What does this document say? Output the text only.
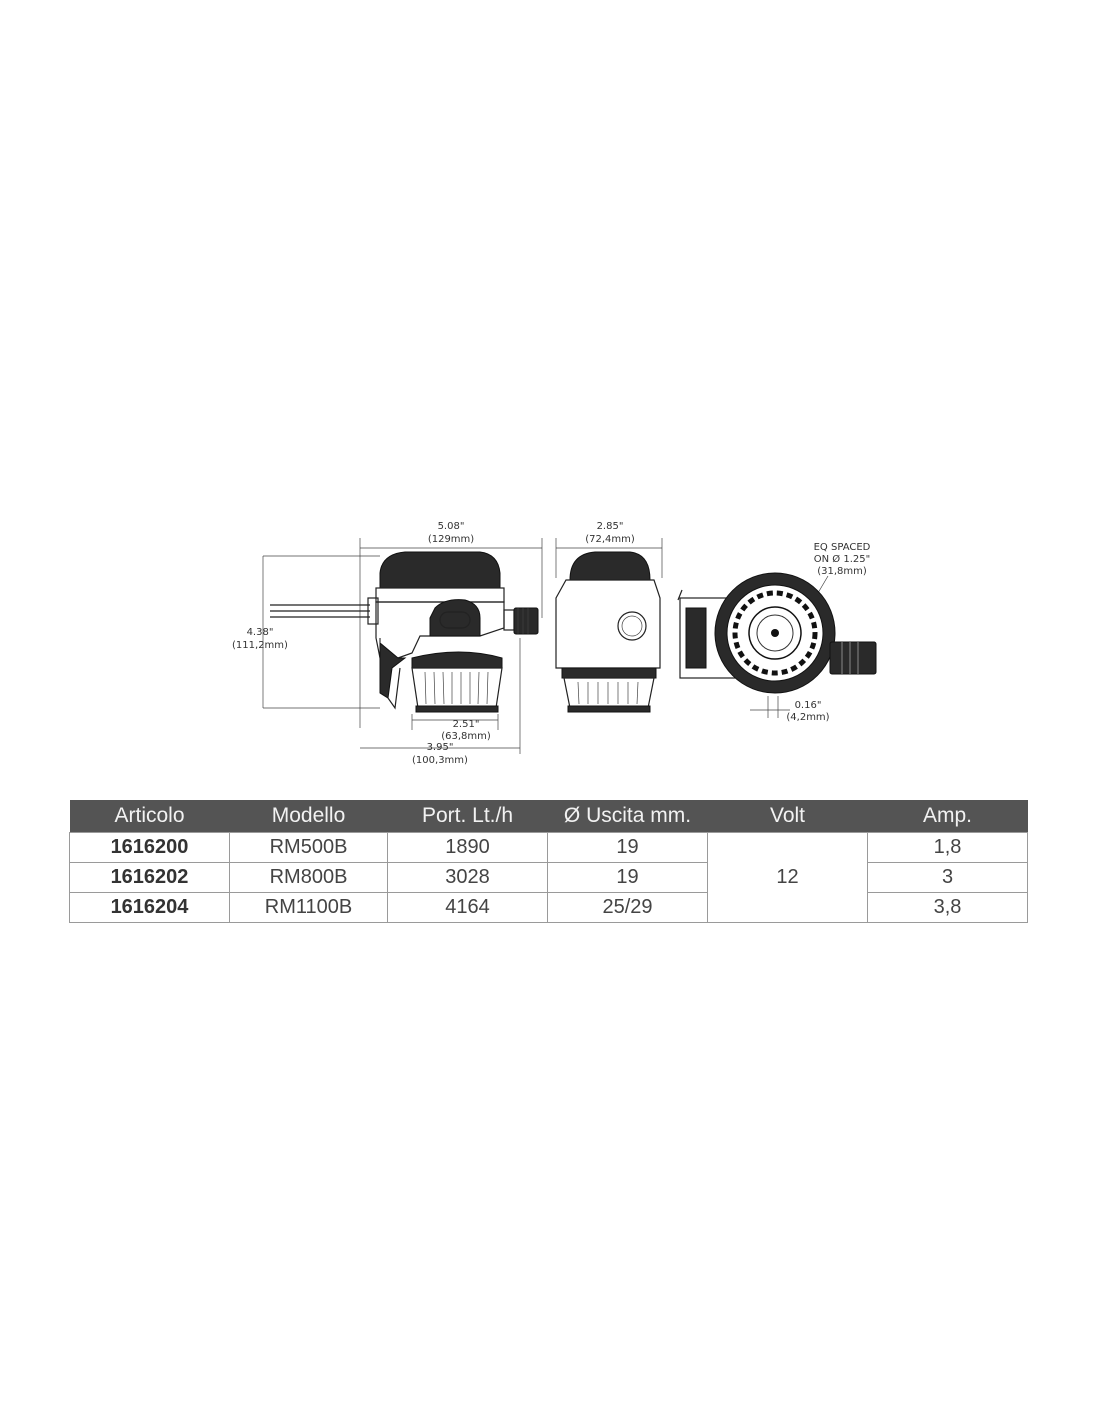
5.08"
(129mm)
4.38"
(111,2mm)
2.51"
(63,8mm)
3.95"
(100,3mm)
2.85"
(72,4mm)
EQ SPACED
ON Ø 1.25"
(31,8mm)
0.16"
(4,2mm)
Articolo	Modello	Port. Lt./h	Ø Uscita mm.	Volt	Amp.
1616200	RM500B	1890	19	12	1,8
1616202	RM800B	3028	19		3
1616204	RM1100B	4164	25/29		3,8
